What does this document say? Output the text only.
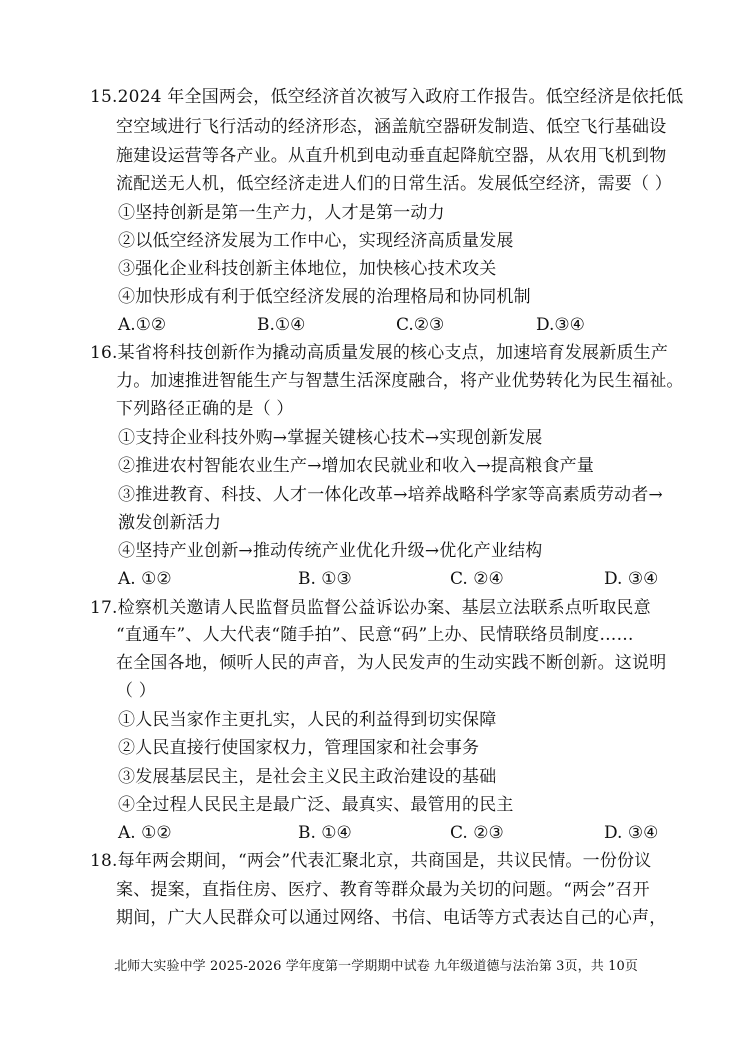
15.2024 年全国两会，低空经济首次被写入政府工作报告。低空经济是依托低
空空域进行飞行活动的经济形态，涵盖航空器研发制造、低空飞行基础设
施建设运营等各产业。从直升机到电动垂直起降航空器，从农用飞机到物
流配送无人机，低空经济走进人们的日常生活。发展低空经济，需要（ ）
①坚持创新是第一生产力，人才是第一动力
②以低空经济发展为工作中心，实现经济高质量发展
③强化企业科技创新主体地位，加快核心技术攻关
④加快形成有利于低空经济发展的治理格局和协同机制
A.①②	B.①④	C.②③	D.③④
16.某省将科技创新作为撬动高质量发展的核心支点，加速培育发展新质生产
力。加速推进智能生产与智慧生活深度融合，将产业优势转化为民生福祉。
下列路径正确的是（ ）
①支持企业科技外购→掌握关键核心技术→实现创新发展
②推进农村智能农业生产→增加农民就业和收入→提高粮食产量
③推进教育、科技、人才一体化改革→培养战略科学家等高素质劳动者→
激发创新活力
④坚持产业创新→推动传统产业优化升级→优化产业结构
A. ①②	B. ①③	C. ②④	D. ③④
17.检察机关邀请人民监督员监督公益诉讼办案、基层立法联系点听取民意
“直通车”、人大代表“随手拍”、民意“码”上办、民情联络员制度……
在全国各地，倾听人民的声音，为人民发声的生动实践不断创新。这说明
（ ）
①人民当家作主更扎实，人民的利益得到切实保障
②人民直接行使国家权力，管理国家和社会事务
③发展基层民主，是社会主义民主政治建设的基础
④全过程人民民主是最广泛、最真实、最管用的民主
A. ①②	B. ①④	C. ②③	D. ③④
18.每年两会期间，“两会”代表汇聚北京，共商国是，共议民情。一份份议
案、提案，直指住房、医疗、教育等群众最为关切的问题。“两会”召开
期间，广大人民群众可以通过网络、书信、电话等方式表达自己的心声，
北师大实验中学 2025-2026 学年度第一学期期中试卷 九年级道德与法治第 3页，共 10页
